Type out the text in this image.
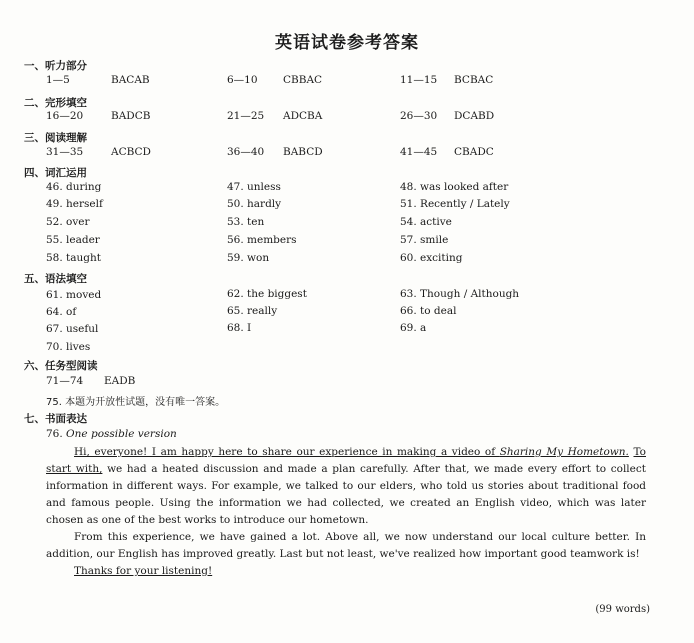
英语试卷参考答案
一、听力部分
1—5	BACAB	6—10 CBBAC	11—15 BCBAC
二、完形填空
16—20	BADCB	21—25 ADCBA	26—30 DCABD
三、阅读理解
31—35	ACBCD	36—40 BABCD	41—45 CBADC
四、词汇运用
46. during	47. unless	48. was looked after
49. herself	50. hardly	51. Recently / Lately
52. over	53. ten	54. active
55. leader	56. members	57. smile
58. taught	59. won	60. exciting
五、语法填空
61. moved	62. the biggest	63. Though / Although
64. of	65. really	66. to deal
67. useful	68. I	69. a
70. lives
六、任务型阅读
71—74 EADB
75. 本题为开放性试题，没有唯一答案。
七、书面表达
76. One possible version

Hi, everyone! I am happy here to share our experience in making a video of Sharing My Hometown. To start with, we had a heated discussion and made a plan carefully. After that, we made every effort to collect information in different ways. For example, we talked to our elders, who told us stories about traditional food and famous people. Using the information we had collected, we created an English video, which was later chosen as one of the best works to introduce our hometown.

From this experience, we have gained a lot. Above all, we now understand our local culture better. In addition, our English has improved greatly. Last but not least, we've realized how important good teamwork is!

Thanks for your listening!

(99 words)
